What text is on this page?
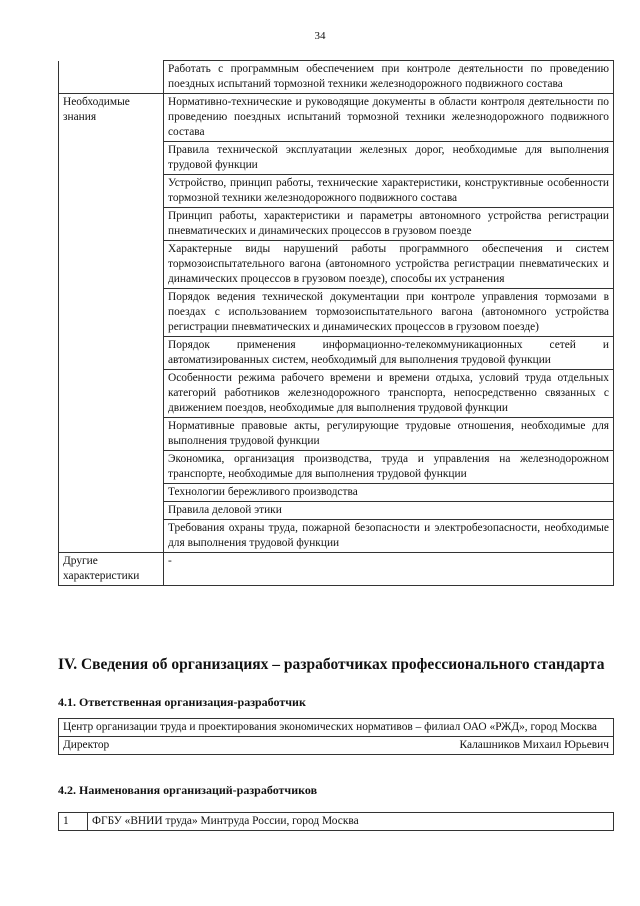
34
	Работать с программным обеспечением при контроле деятельности по проведению поездных испытаний тормозной техники железнодорожного подвижного состава
Необходимые знания	Нормативно-технические и руководящие документы в области контроля деятельности по проведению поездных испытаний тормозной техники железнодорожного подвижного состава
	Правила технической эксплуатации железных дорог, необходимые для выполнения трудовой функции
	Устройство, принцип работы, технические характеристики, конструктивные особенности тормозной техники железнодорожного подвижного состава
	Принцип работы, характеристики и параметры автономного устройства регистрации пневматических и динамических процессов в грузовом поезде
	Характерные виды нарушений работы программного обеспечения и систем тормозоиспытательного вагона (автономного устройства регистрации пневматических и динамических процессов в грузовом поезде), способы их устранения
	Порядок ведения технической документации при контроле управления тормозами в поездах с использованием тормозоиспытательного вагона (автономного устройства регистрации пневматических и динамических процессов в грузовом поезде)
	Порядок применения информационно-телекоммуникационных сетей и автоматизированных систем, необходимый для выполнения трудовой функции
	Особенности режима рабочего времени и времени отдыха, условий труда отдельных категорий работников железнодорожного транспорта, непосредственно связанных с движением поездов, необходимые для выполнения трудовой функции
	Нормативные правовые акты, регулирующие трудовые отношения, необходимые для выполнения трудовой функции
	Экономика, организация производства, труда и управления на железнодорожном транспорте, необходимые для выполнения трудовой функции
	Технологии бережливого производства
	Правила деловой этики
	Требования охраны труда, пожарной безопасности и электробезопасности, необходимые для выполнения трудовой функции
Другие характеристики	-
IV. Сведения об организациях – разработчиках профессионального стандарта
4.1. Ответственная организация-разработчик
Центр организации труда и проектирования экономических нормативов – филиал ОАО «РЖД», город Москва
Директор	Калашников Михаил Юрьевич
4.2. Наименования организаций-разработчиков
1	ФГБУ «ВНИИ труда» Минтруда России, город Москва
